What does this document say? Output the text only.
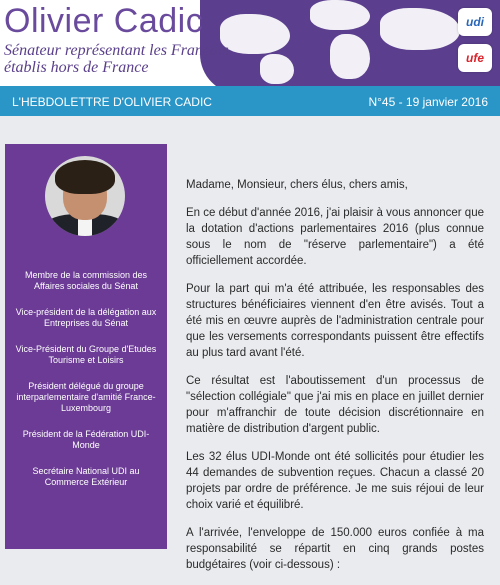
Olivier Cadic
Sénateur représentant les Français
établis hors de France
udi
ufe
L'HEBDOLETTRE D'OLIVIER CADIC	N°45 - 19 janvier 2016
Membre de la commission des Affaires sociales du Sénat
Vice-président de la délégation aux Entreprises du Sénat
Vice-Président du Groupe d'Etudes Tourisme et Loisirs
Président délégué du groupe interparlementaire d'amitié France-Luxembourg
Président de la Fédération UDI-Monde
Secrétaire National UDI au Commerce Extérieur

Madame, Monsieur, chers élus, chers amis,

En ce début d'année 2016, j'ai plaisir à vous annoncer que la dotation d'actions parlementaires 2016 (plus connue sous le nom de "réserve parlementaire") a été officiellement accordée.

Pour la part qui m'a été attribuée, les responsables des structures bénéficiaires viennent d'en être avisés. Tout a été mis en œuvre auprès de l'administration centrale pour que les versements correspondants puissent être effectifs au plus tard avant l'été.

Ce résultat est l'aboutissement d'un processus de "sélection collégiale" que j'ai mis en place en juillet dernier pour m'affranchir de toute décision discrétionnaire en matière de distribution d'argent public.

Les 32 élus UDI-Monde ont été sollicités pour étudier les 44 demandes de subvention reçues. Chacun a classé 20 projets par ordre de préférence. Je me suis réjoui de leur choix varié et équilibré.

A l'arrivée, l'enveloppe de 150.000 euros confiée à ma responsabilité se répartit en cinq grands postes budgétaires (voir ci-dessous) :
